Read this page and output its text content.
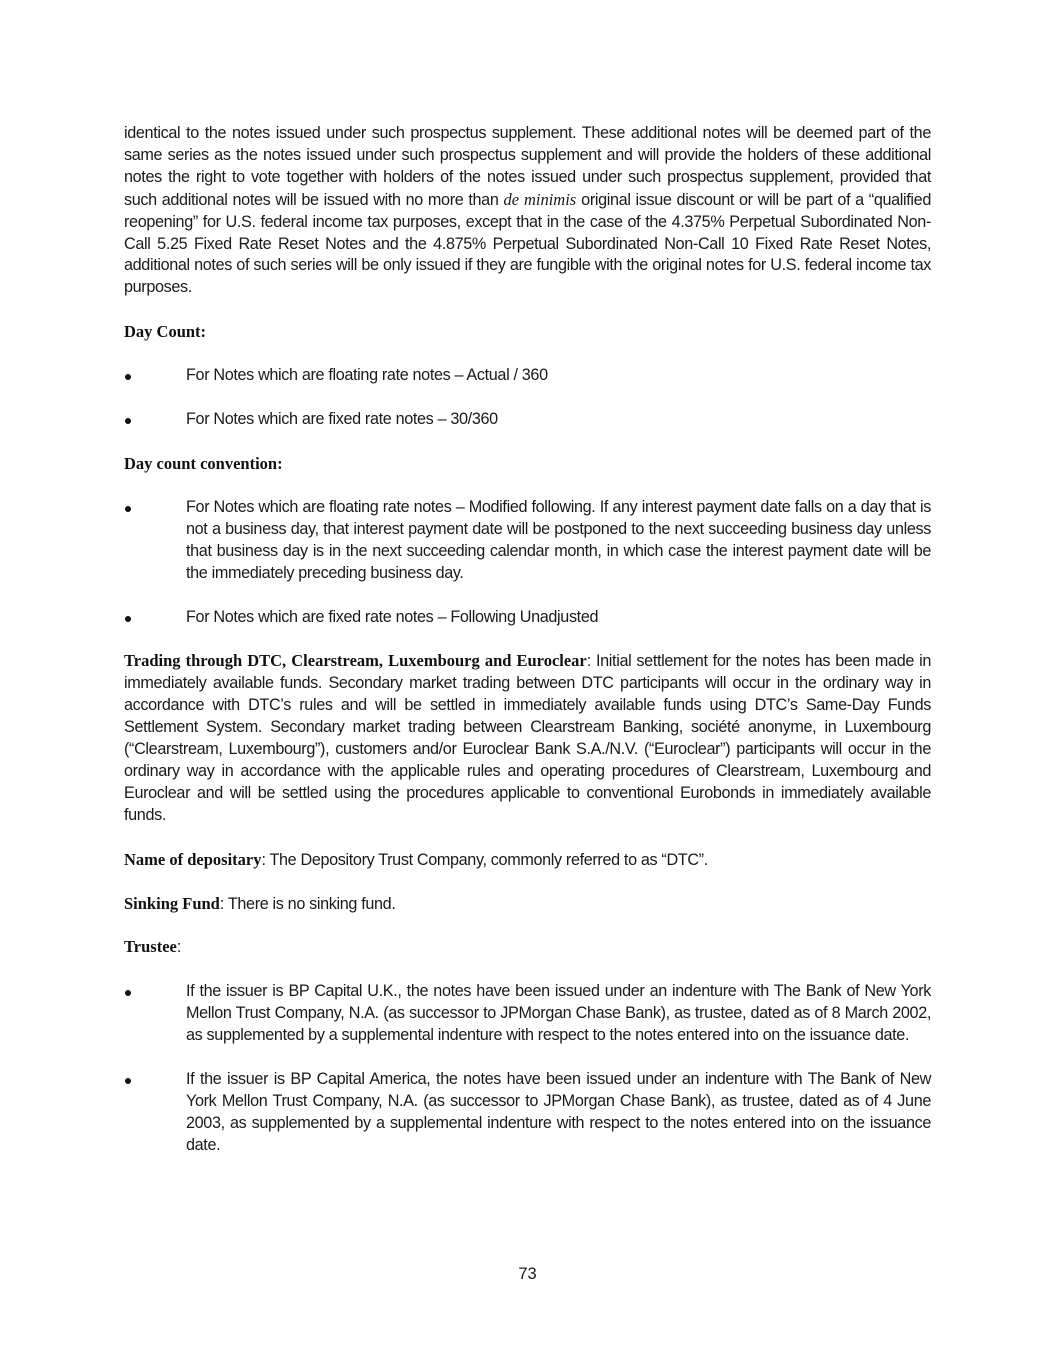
identical to the notes issued under such prospectus supplement. These additional notes will be deemed part of the same series as the notes issued under such prospectus supplement and will provide the holders of these additional notes the right to vote together with holders of the notes issued under such prospectus supplement, provided that such additional notes will be issued with no more than de minimis original issue discount or will be part of a “qualified reopening” for U.S. federal income tax purposes, except that in the case of the 4.375% Perpetual Subordinated Non-Call 5.25 Fixed Rate Reset Notes and the 4.875% Perpetual Subordinated Non-Call 10 Fixed Rate Reset Notes, additional notes of such series will be only issued if they are fungible with the original notes for U.S. federal income tax purposes.

Day Count:

For Notes which are floating rate notes – Actual / 360

For Notes which are fixed rate notes – 30/360

Day count convention:

For Notes which are floating rate notes – Modified following. If any interest payment date falls on a day that is not a business day, that interest payment date will be postponed to the next succeeding business day unless that business day is in the next succeeding calendar month, in which case the interest payment date will be the immediately preceding business day.

For Notes which are fixed rate notes – Following Unadjusted

Trading through DTC, Clearstream, Luxembourg and Euroclear: Initial settlement for the notes has been made in immediately available funds. Secondary market trading between DTC participants will occur in the ordinary way in accordance with DTC’s rules and will be settled in immediately available funds using DTC’s Same-Day Funds Settlement System. Secondary market trading between Clearstream Banking, société anonyme, in Luxembourg (“Clearstream, Luxembourg”), customers and/or Euroclear Bank S.A./N.V. (“Euroclear”) participants will occur in the ordinary way in accordance with the applicable rules and operating procedures of Clearstream, Luxembourg and Euroclear and will be settled using the procedures applicable to conventional Eurobonds in immediately available funds.

Name of depositary: The Depository Trust Company, commonly referred to as “DTC”.

Sinking Fund: There is no sinking fund.

Trustee:

If the issuer is BP Capital U.K., the notes have been issued under an indenture with The Bank of New York Mellon Trust Company, N.A. (as successor to JPMorgan Chase Bank), as trustee, dated as of 8 March 2002, as supplemented by a supplemental indenture with respect to the notes entered into on the issuance date.

If the issuer is BP Capital America, the notes have been issued under an indenture with The Bank of New York Mellon Trust Company, N.A. (as successor to JPMorgan Chase Bank), as trustee, dated as of 4 June 2003, as supplemented by a supplemental indenture with respect to the notes entered into on the issuance date.

73
